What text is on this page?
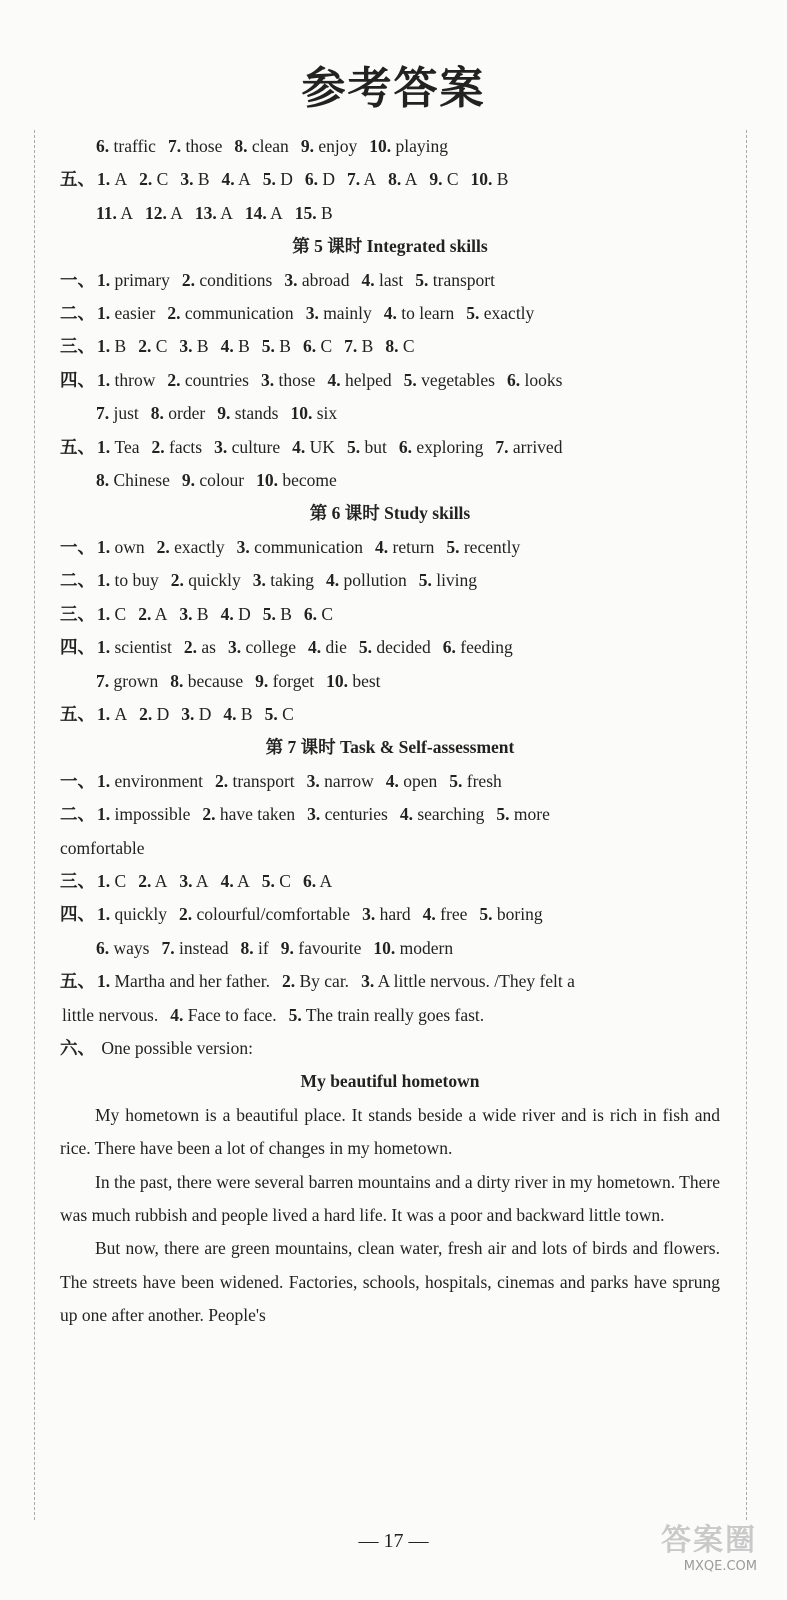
参考答案
6. traffic 7. those 8. clean 9. enjoy 10. playing
五、 1. A 2. C 3. B 4. A 5. D 6. D 7. A 8. A 9. C 10. B
11. A 12. A 13. A 14. A 15. B
第 5 课时 Integrated skills
一、 1. primary 2. conditions 3. abroad 4. last 5. transport
二、 1. easier 2. communication 3. mainly 4. to learn 5. exactly
三、 1. B 2. C 3. B 4. B 5. B 6. C 7. B 8. C
四、 1. throw 2. countries 3. those 4. helped 5. vegetables 6. looks
7. just 8. order 9. stands 10. six
五、 1. Tea 2. facts 3. culture 4. UK 5. but 6. exploring 7. arrived
8. Chinese 9. colour 10. become
第 6 课时 Study skills
一、 1. own 2. exactly 3. communication 4. return 5. recently
二、 1. to buy 2. quickly 3. taking 4. pollution 5. living
三、 1. C 2. A 3. B 4. D 5. B 6. C
四、 1. scientist 2. as 3. college 4. die 5. decided 6. feeding
7. grown 8. because 9. forget 10. best
五、 1. A 2. D 3. D 4. B 5. C
第 7 课时 Task & Self-assessment
一、 1. environment 2. transport 3. narrow 4. open 5. fresh
二、 1. impossible 2. have taken 3. centuries 4. searching 5. more
comfortable
三、 1. C 2. A 3. A 4. A 5. C 6. A
四、 1. quickly 2. colourful/comfortable 3. hard 4. free 5. boring
6. ways 7. instead 8. if 9. favourite 10. modern
五、 1. Martha and her father. 2. By car. 3. A little nervous. /They felt a
little nervous. 4. Face to face. 5. The train really goes fast.
六、 One possible version:
My beautiful hometown
My hometown is a beautiful place. It stands beside a wide river and is rich in fish and rice. There have been a lot of changes in my hometown.
In the past, there were several barren mountains and a dirty river in my hometown. There was much rubbish and people lived a hard life. It was a poor and backward little town.
But now, there are green mountains, clean water, fresh air and lots of birds and flowers. The streets have been widened. Factories, schools, hospitals, cinemas and parks have sprung up one after another. People's
— 17 —	答案圈
MXQE.COM
